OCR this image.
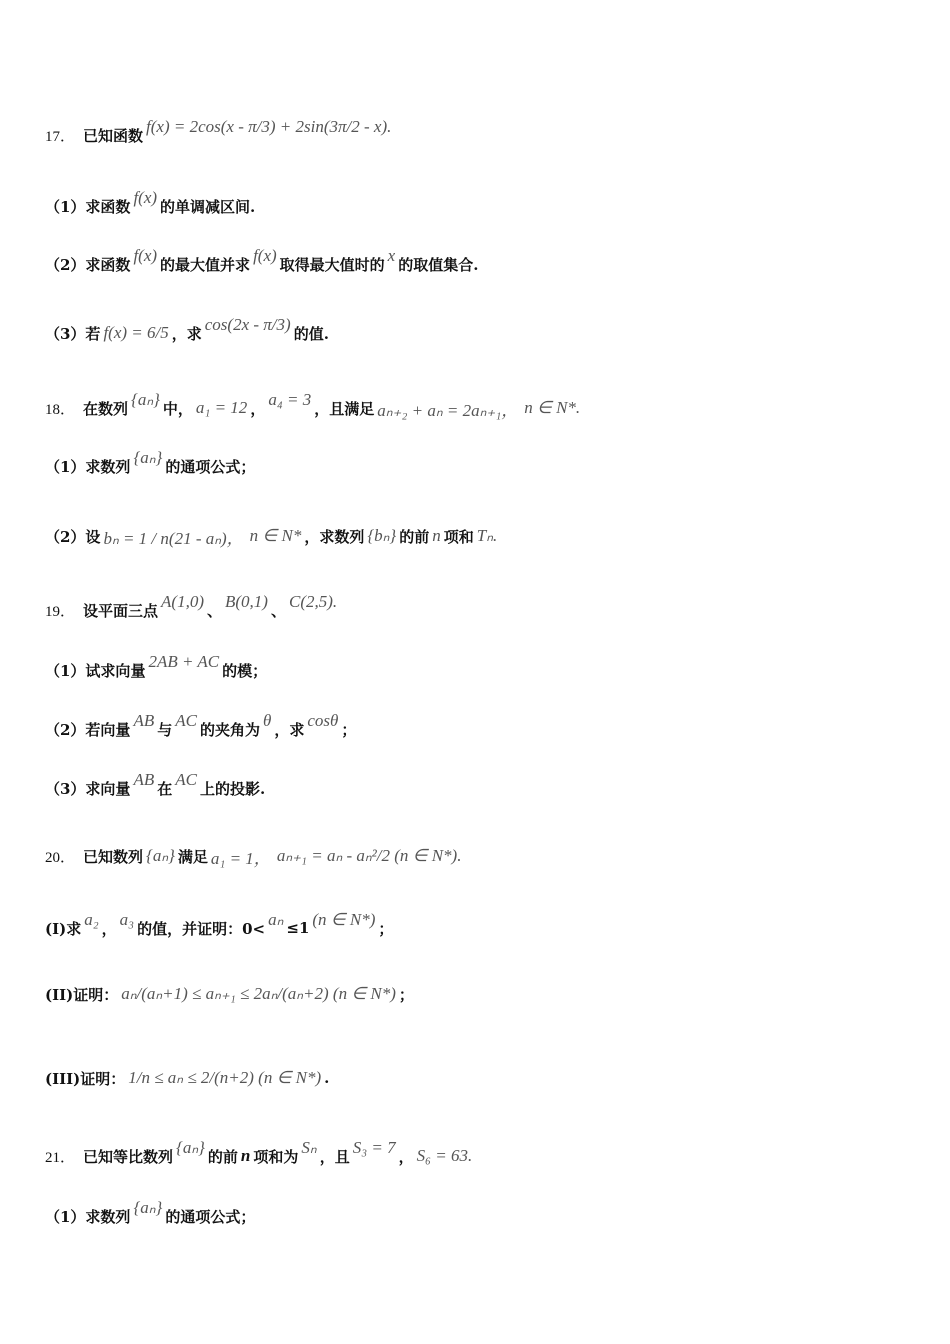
17． 已知函数 f(x) = 2cos(x - π/3) + 2sin(3π/2 - x).
（1）求函数 f(x) 的单调减区间.
（2）求函数 f(x) 的最大值并求 f(x) 取得最大值时的 x 的取值集合.
（3）若 f(x) = 6/5 ，求 cos(2x - π/3) 的值.
18． 在数列 {aₙ} 中， a₁ = 12 ， a₄ = 3 ，且满足 aₙ₊₂ + aₙ = 2aₙ₊₁， n ∈ N*.
（1）求数列 {aₙ} 的通项公式；
（2）设 bₙ = 1 / n(21 - aₙ)， n ∈ N* ，求数列 {bₙ} 的前 n 项和 Tₙ.
19． 设平面三点 A(1,0) 、 B(0,1) 、 C(2,5).
（1）试求向量 2AB + AC 的模；
（2）若向量 AB 与 AC 的夹角为 θ ，求 cosθ ；
（3）求向量 AB 在 AC 上的投影.
20． 已知数列 {aₙ} 满足 a₁ = 1， aₙ₊₁ = aₙ - aₙ²/2 (n ∈ N*).
(I)求 a₂ ， a₃ 的值，并证明：0< aₙ ≤1 (n ∈ N*) ；
(II)证明： aₙ/(aₙ+1) ≤ aₙ₊₁ ≤ 2aₙ/(aₙ+2) (n ∈ N*) ；
(III)证明： 1/n ≤ aₙ ≤ 2/(n+2) (n ∈ N*) .
21． 已知等比数列 {aₙ} 的前 n 项和为 Sₙ ，且 S₃ = 7 ， S₆ = 63.
（1）求数列 {aₙ} 的通项公式；
